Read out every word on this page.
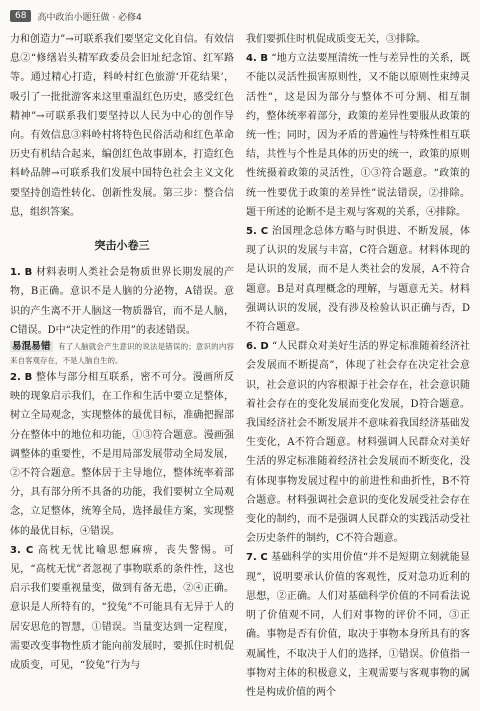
68	高中政治小题狂做 · 必修4

力和创造力”→可联系我们要坚定文化自信。有效信息②“修缮岩头精军政委员会旧址纪念馆、红军路等。通过精心打造，料岭村红色旅游‘开花结果’，吸引了一批批游客来这里重温红色历史，感受红色精神”→可联系我们要坚持以人民为中心的创作导向。有效信息③料岭村将特色民俗活动和红色革命历史有机结合起来，编创红色故事剧本，打造红色料岭品牌→可联系我们发展中国特色社会主义文化要坚持创造性转化、创新性发展。第三步：整合信息，组织答案。

突击小卷三

1. B 材料表明人类社会是物质世界长期发展的产物，B正确。意识不是人脑的分泌物，A错误。意识的产生离不开人脑这一物质器官，而不是人脑，C错误。D中“决定性的作用”的表述错误。

易混易错 有了人脑就会产生意识的说法是错误的；意识的内容来自客观存在，不是人脑自生的。

2. B 整体与部分相互联系，密不可分。漫画所反映的现象启示我们，在工作和生活中要立足整体，树立全局观念，实现整体的最优目标，准确把握部分在整体中的地位和功能，①③符合题意。漫画强调整体的重要性，不是用局部发展带动全局发展，②不符合题意。整体居于主导地位，整体统率着部分，具有部分所不具备的功能，我们要树立全局观念，立足整体，统筹全局，选择最佳方案，实现整体的最优目标，④错误。

3. C 高枕无忧比喻思想麻痹，丧失警惕。可见，“高枕无忧”者忽视了事物联系的条件性，这也启示我们要重视量变，做到有备无患，②④正确。意识是人所特有的，“狡兔”不可能具有无异于人的居安思危的智慧，①错误。当量变达到一定程度，需要改变事物性质才能向前发展时，要抓住时机促成质变，可见，“狡兔”行为与

我们要抓住时机促成质变无关，③排除。

4. B “地方立法要厘清统一性与差异性的关系，既不能以灵活性损害原则性，又不能以原则性束缚灵活性”，这是因为部分与整体不可分割、相互制约，整体统率着部分，政策的差异性要服从政策的统一性；同时，因为矛盾的普遍性与特殊性相互联结，共性与个性是具体的历史的统一，政策的原则性统摄着政策的灵活性，①③符合题意。“政策的统一性要优于政策的差异性”说法错误，②排除。题干所述的论断不是主观与客观的关系，④排除。

5. C 治国理念总体方略与时俱进、不断发展，体现了认识的发展与丰富，C符合题意。材料体现的是认识的发展，而不是人类社会的发展，A不符合题意。B是对真理概念的理解，与题意无关。材料强调认识的发展，没有涉及检验认识正确与否，D不符合题意。

6. D “人民群众对美好生活的界定标准随着经济社会发展而不断提高”，体现了社会存在决定社会意识，社会意识的内容根源于社会存在，社会意识随着社会存在的变化发展而变化发展，D符合题意。我国经济社会不断发展并不意味着我国经济基础发生变化，A不符合题意。材料强调人民群众对美好生活的界定标准随着经济社会发展而不断变化，没有体现事物发展过程中的前进性和曲折性，B不符合题意。材料强调社会意识的变化发展受社会存在变化的制约，而不是强调人民群众的实践活动受社会历史条件的制约，C不符合题意。

7. C 基础科学的实用价值“并不是短期立刻就能显现”，说明要承认价值的客观性，反对急功近利的思想，②正确。人们对基础科学价值的不同看法说明了价值观不同，人们对事物的评价不同，③正确。事物是否有价值，取决于事物本身所具有的客观属性，不取决于人们的选择，①错误。价值指一事物对主体的积极意义，主观需要与客观事物的属性是构成价值的两个
